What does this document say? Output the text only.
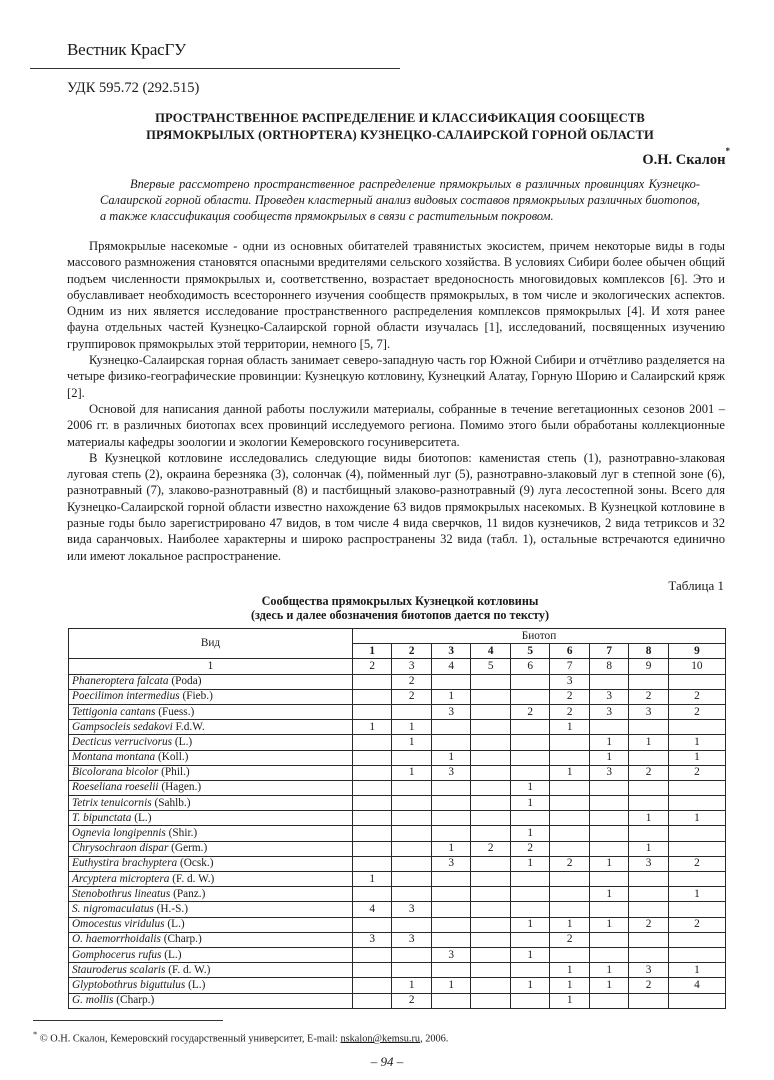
Вестник КрасГУ
УДК 595.72 (292.515)
ПРОСТРАНСТВЕННОЕ РАСПРЕДЕЛЕНИЕ И КЛАССИФИКАЦИЯ СООБЩЕСТВ
ПРЯМОКРЫЛЫХ (ORTHOPTERA) КУЗНЕЦКО-САЛАИРСКОЙ ГОРНОЙ ОБЛАСТИ
О.Н. Скалон*
Впервые рассмотрено пространственное распределение прямокрылых в различных провинциях Кузнецко-Салаирской горной области. Проведен кластерный анализ видовых составов прямокрылых различных биотопов, а также классификация сообществ прямокрылых в связи с растительным покровом.

Прямокрылые насекомые - одни из основных обитателей травянистых экосистем, причем некоторые виды в годы массового размножения становятся опасными вредителями сельского хозяйства. В условиях Сибири более обычен общий подъем численности прямокрылых и, соответственно, возрастает вредоносность многовидовых комплексов [6]. Это и обуславливает необходимость всестороннего изучения сообществ прямокрылых, в том числе и экологических аспектов. Одним из них является исследование пространственного распределения комплексов прямокрылых [4]. И хотя ранее фауна отдельных частей Кузнецко-Салаирской горной области изучалась [1], исследований, посвященных изучению группировок прямокрылых этой территории, немного [5, 7].

Кузнецко-Салаирская горная область занимает северо-западную часть гор Южной Сибири и отчётливо разделяется на четыре физико-географические провинции: Кузнецкую котловину, Кузнецкий Алатау, Горную Шорию и Салаирский кряж [2].

Основой для написания данной работы послужили материалы, собранные в течение вегетационных сезонов 2001 – 2006 гг. в различных биотопах всех провинций исследуемого региона. Помимо этого были обработаны коллекционные материалы кафедры зоологии и экологии Кемеровского госуниверситета.

В Кузнецкой котловине исследовались следующие виды биотопов: каменистая степь (1), разнотравно-злаковая луговая степь (2), окраина березняка (3), солончак (4), пойменный луг (5), разнотравно-злаковый луг в степной зоне (6), разнотравный (7), злаково-разнотравный (8) и пастбищный злаково-разнотравный (9) луга лесостепной зоны. Всего для Кузнецко-Салаирской горной области известно нахождение 63 видов прямокрылых насекомых. В Кузнецкой котловине в разные годы было зарегистрировано 47 видов, в том числе 4 вида сверчков, 11 видов кузнечиков, 2 вида тетриксов и 32 вида саранчовых. Наиболее характерны и широко распространены 32 вида (табл. 1), остальные встречаются единично или имеют локальное распространение.

Таблица 1
Сообщества прямокрылых Кузнецкой котловины
(здесь и далее обозначения биотопов дается по тексту)
Вид	Биотоп								
	1	2	3	4	5	6	7	8	9
1	2	3	4	5	6	7	8	9	10
Phaneroptera falcata (Poda)		2				3			
Poecilimon intermedius (Fieb.)		2	1			2	3	2	2
Tettigonia cantans (Fuess.)			3		2	2	3	3	2
Gampsocleis sedakovi F.d.W.	1	1				1			
Decticus verrucivorus (L.)		1					1	1	1
Montana montana (Koll.)			1				1		1
Bicolorana bicolor (Phil.)		1	3			1	3	2	2
Roeseliana roeselii (Hagen.)					1				
Tetrix tenuicornis (Sahlb.)					1				
T. bipunctata (L.)								1	1
Ognevia longipennis (Shir.)					1				
Chrysochraon dispar (Germ.)			1	2	2			1	
Euthystira brachyptera (Ocsk.)			3		1	2	1	3	2
Arcyptera microptera (F. d. W.)	1								
Stenobothrus lineatus (Panz.)							1		1
S. nigromaculatus (H.-S.)	4	3							
Omocestus viridulus (L.)					1	1	1	2	2
O. haemorrhoidalis (Charp.)	3	3				2			
Gomphocerus rufus (L.)			3		1				
Stauroderus scalaris (F. d. W.)						1	1	3	1
Glyptobothrus biguttulus (L.)		1	1		1	1	1	2	4
G. mollis (Charp.)		2				1			
* © О.Н. Скалон, Кемеровский государственный университет, E-mail: nskalon@kemsu.ru, 2006.
– 94 –
